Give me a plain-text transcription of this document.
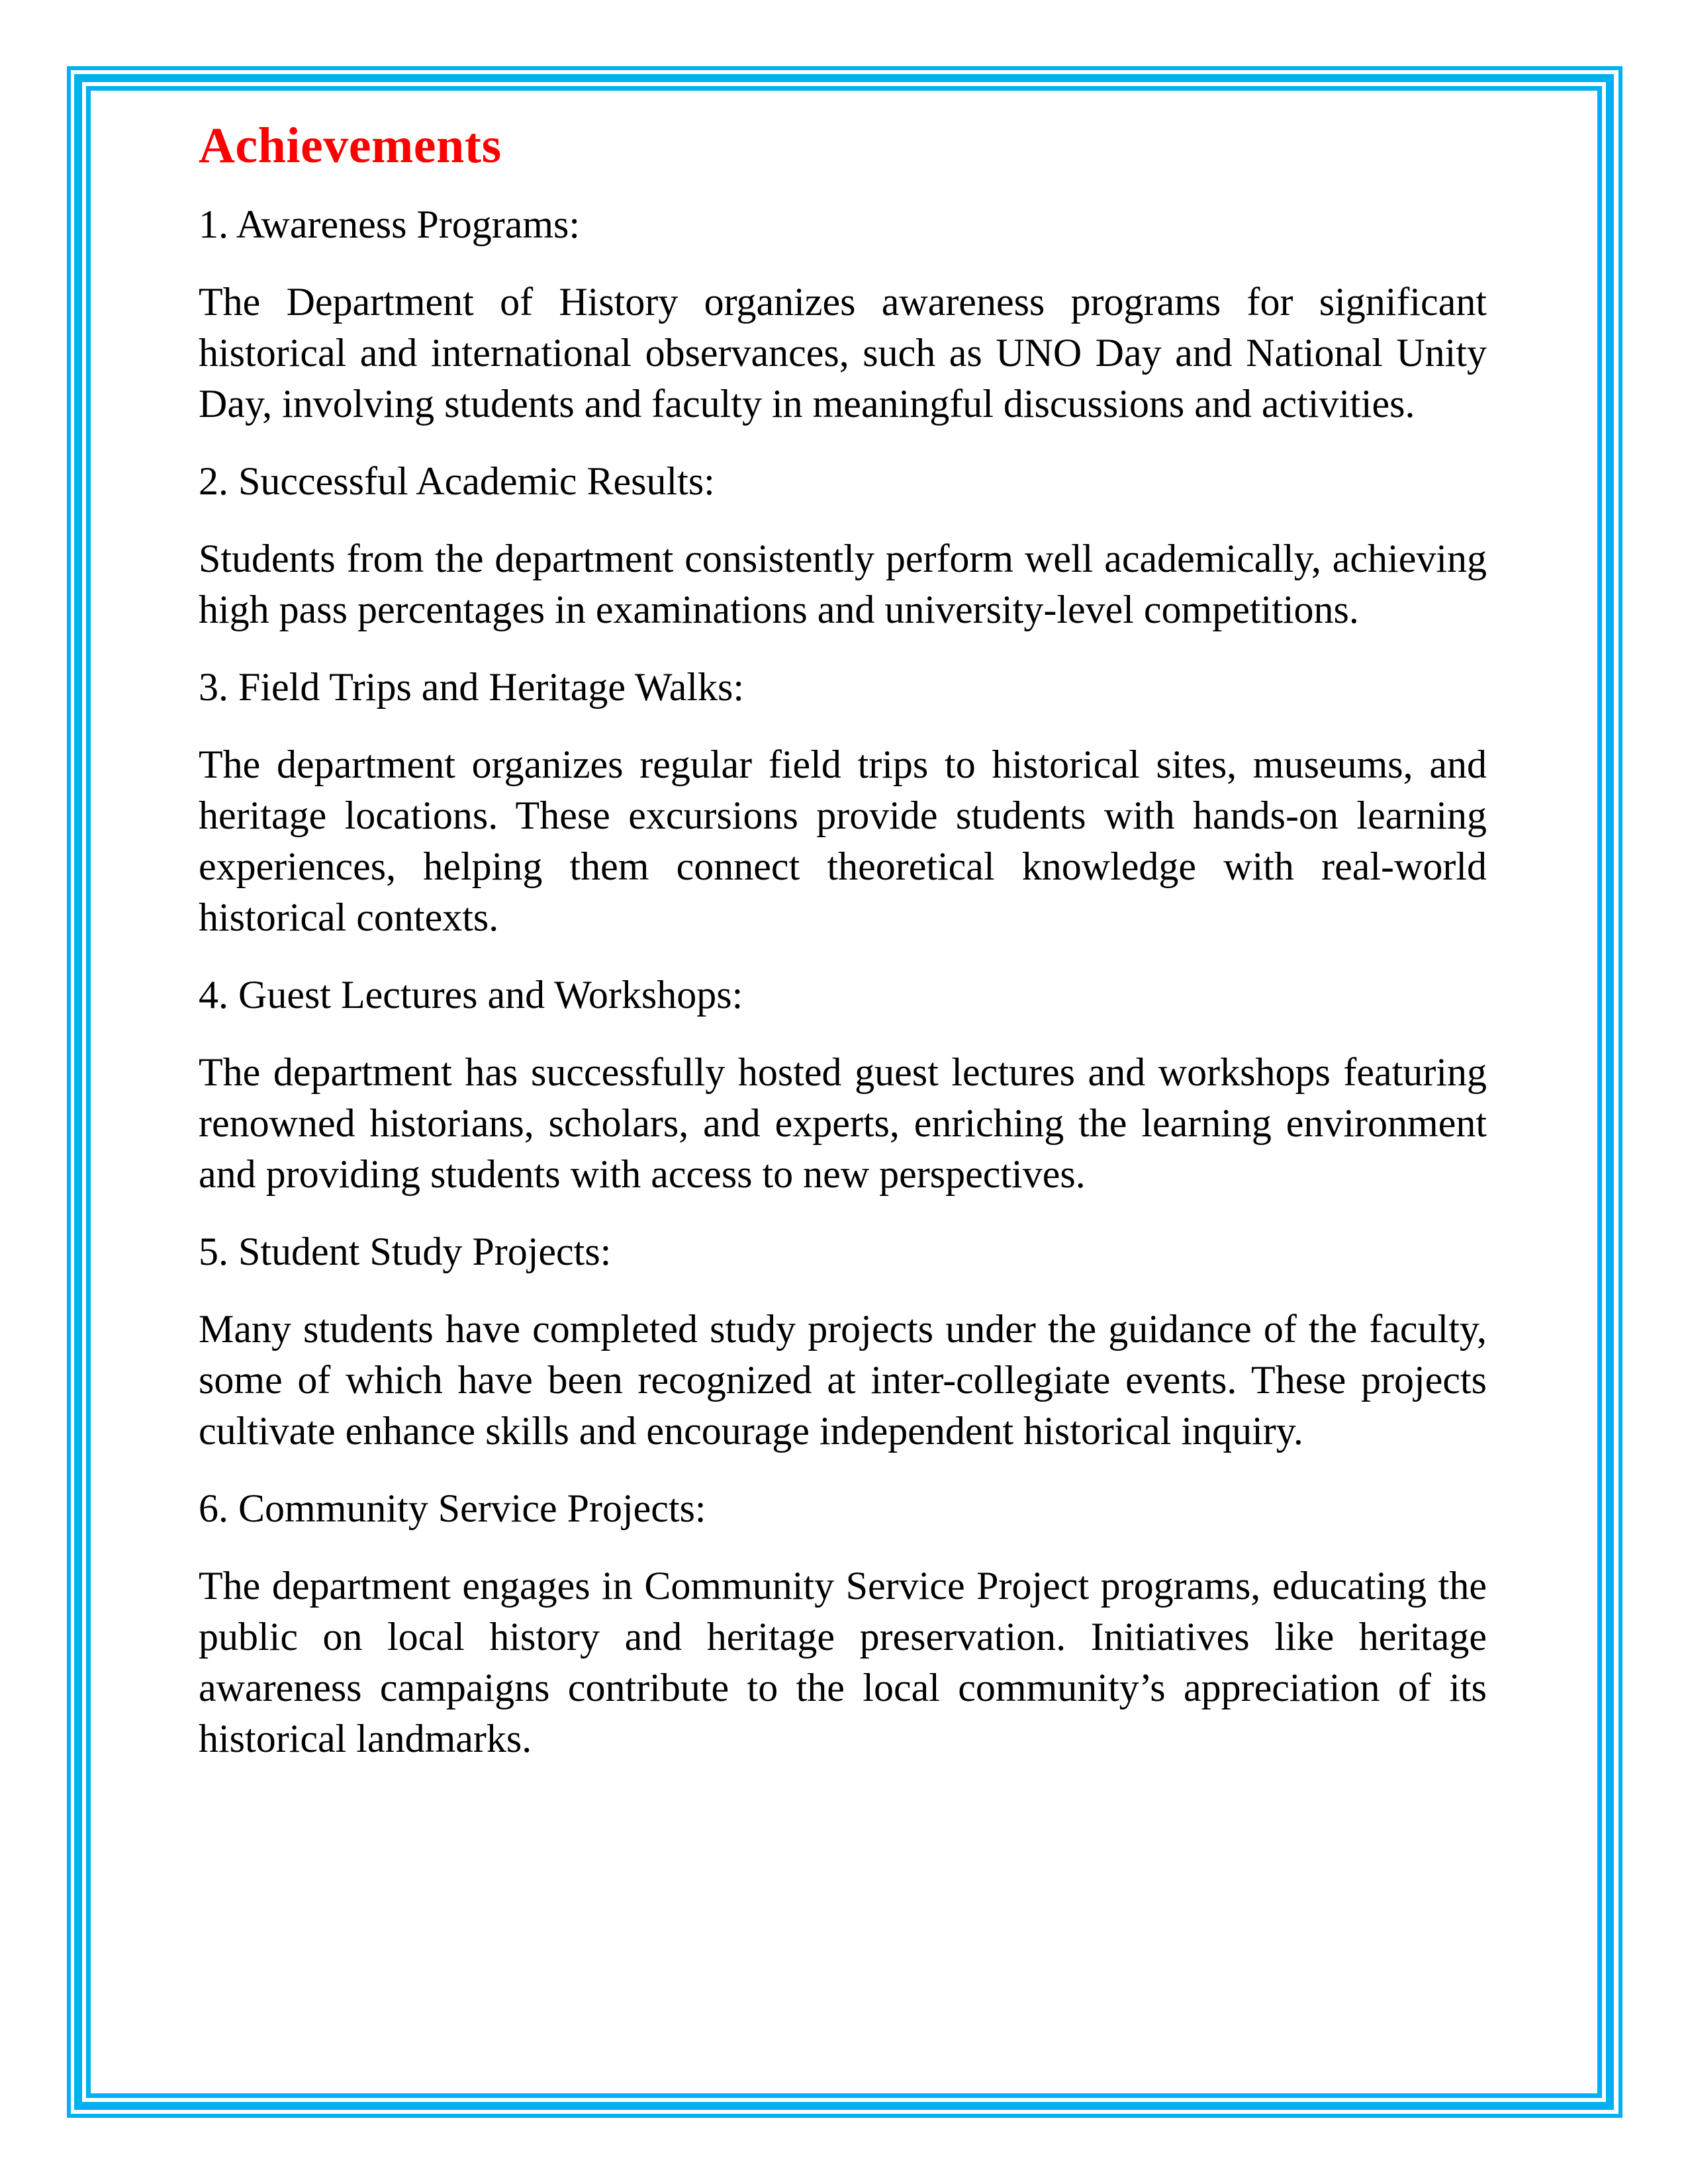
Achievements

1. Awareness Programs:

The Department of History organizes awareness programs for significant historical and international observances, such as UNO Day and National Unity Day, involving students and faculty in meaningful discussions and activities.

2. Successful Academic Results:

Students from the department consistently perform well academically, achieving high pass percentages in examinations and university-level competitions.

3. Field Trips and Heritage Walks:

The department organizes regular field trips to historical sites, museums, and heritage locations. These excursions provide students with hands-on learning experiences, helping them connect theoretical knowledge with real-world historical contexts.

4. Guest Lectures and Workshops:

The department has successfully hosted guest lectures and workshops featuring renowned historians, scholars, and experts, enriching the learning environment and providing students with access to new perspectives.

5. Student Study Projects:

Many students have completed study projects under the guidance of the faculty, some of which have been recognized at inter-collegiate events. These projects cultivate enhance skills and encourage independent historical inquiry.

6. Community Service Projects:

The department engages in Community Service Project programs, educating the public on local history and heritage preservation. Initiatives like heritage awareness campaigns contribute to the local community’s appreciation of its historical landmarks.
